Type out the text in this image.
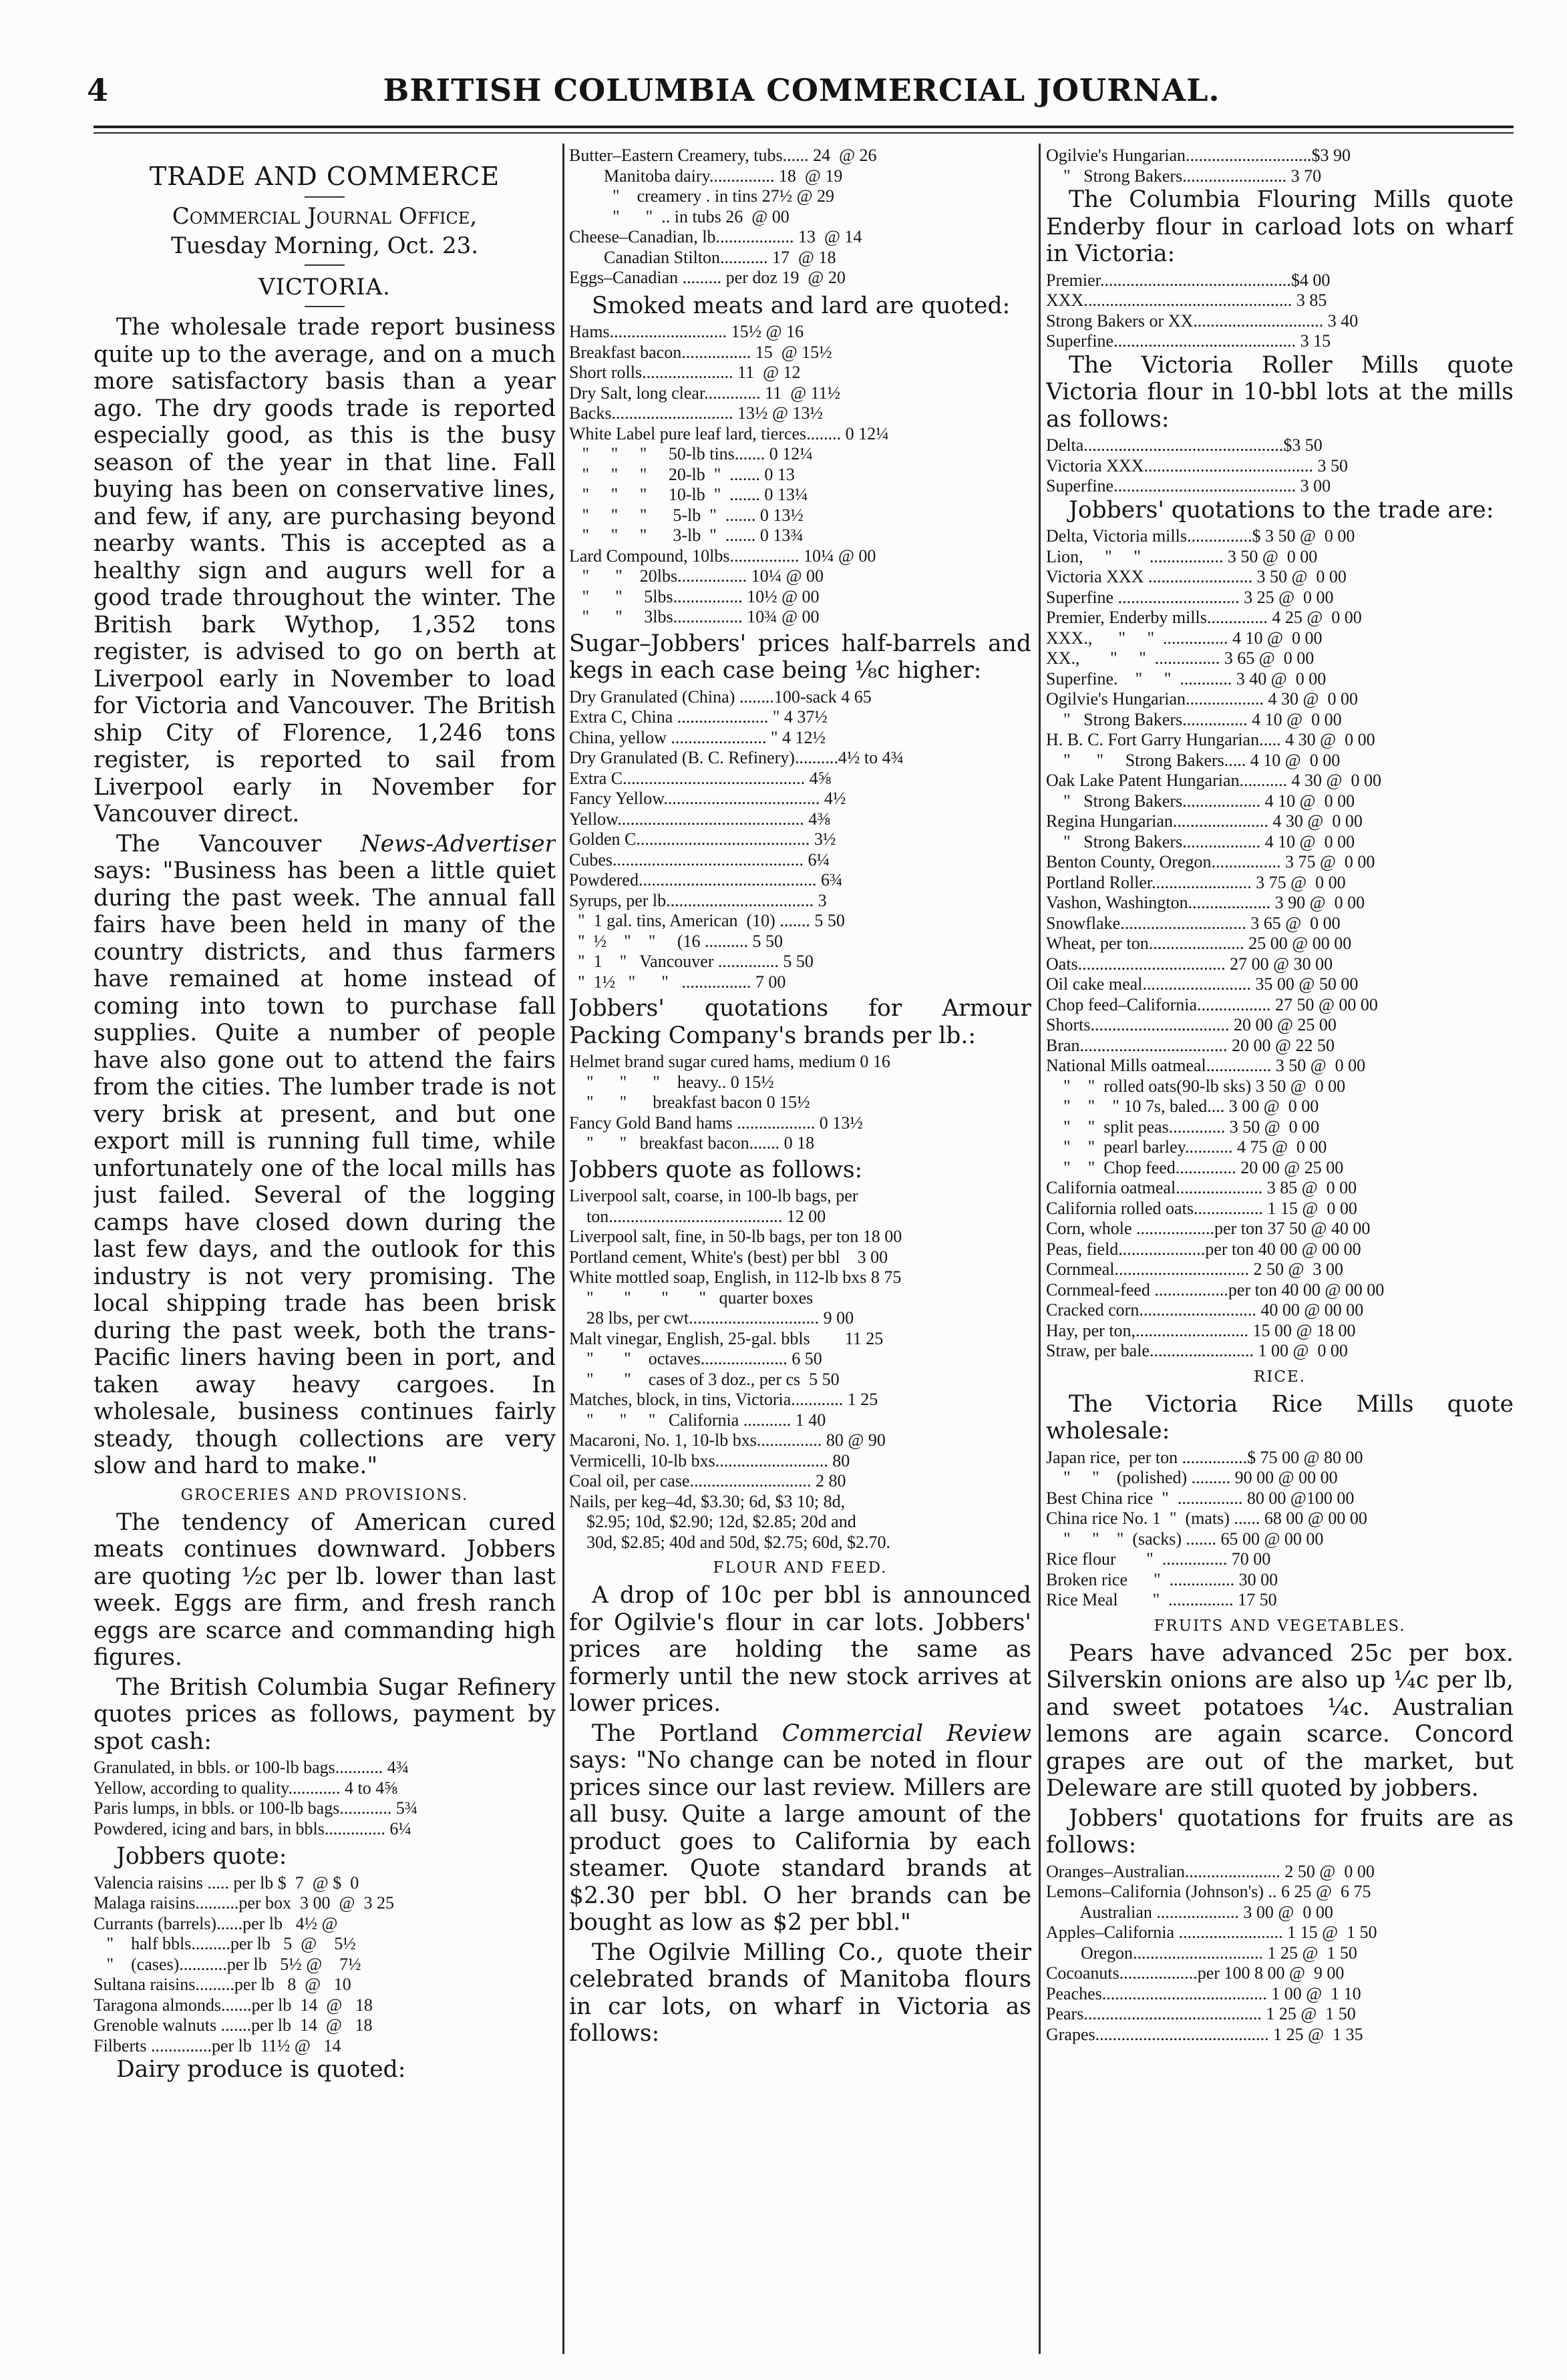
4	BRITISH COLUMBIA COMMERCIAL JOURNAL.
TRADE AND COMMERCE
Commercial Journal Office,
Tuesday Morning, Oct. 23.
VICTORIA.

The wholesale trade report business quite up to the average, and on a much more satisfactory basis than a year ago. The dry goods trade is reported especially good, as this is the busy season of the year in that line. Fall buying has been on conservative lines, and few, if any, are purchasing beyond nearby wants. This is accepted as a healthy sign and augurs well for a good trade throughout the winter. The British bark Wythop, 1,352 tons register, is advised to go on berth at Liverpool early in November to load for Victoria and Vancouver. The British ship City of Florence, 1,246 tons register, is reported to sail from Liverpool early in November for Vancouver direct.

The Vancouver News-Advertiser says: "Business has been a little quiet during the past week. The annual fall fairs have been held in many of the country districts, and thus farmers have remained at home instead of coming into town to purchase fall supplies. Quite a number of people have also gone out to attend the fairs from the cities. The lumber trade is not very brisk at present, and but one export mill is running full time, while unfortunately one of the local mills has just failed. Several of the logging camps have closed down during the last few days, and the outlook for this industry is not very promising. The local shipping trade has been brisk during the past week, both the trans-Pacific liners having been in port, and taken away heavy cargoes. In wholesale, business continues fairly steady, though collections are very slow and hard to make."

GROCERIES AND PROVISIONS.

The tendency of American cured meats continues downward. Jobbers are quoting ½c per lb. lower than last week. Eggs are firm, and fresh ranch eggs are scarce and commanding high figures.

The British Columbia Sugar Refinery quotes prices as follows, payment by spot cash:

Granulated, in bbls. or 100-lb bags........... 4¾
Yellow, according to quality............ 4 to 4⅝
Paris lumps, in bbls. or 100-lb bags............ 5¾
Powdered, icing and bars, in bbls.............. 6¼

Jobbers quote:

Valencia raisins ..... per lb $  7  @ $  0
Malaga raisins..........per box  3 00  @  3 25
Currants (barrels)......per lb   4½ @
"    half bbls.........per lb   5  @    5½
"    (cases)...........per lb   5½ @    7½
Sultana raisins.........per lb   8  @   10
Taragona almonds.......per lb  14  @   18
Grenoble walnuts .......per lb  14  @   18
Filberts ..............per lb  11½ @   14

Dairy produce is quoted:

Butter–Eastern Creamery, tubs...... 24  @ 26
Manitoba dairy............... 18  @ 19
"    creamery . in tins 27½ @ 29
"      "  .. in tubs 26  @ 00
Cheese–Canadian, lb.................. 13  @ 14
Canadian Stilton........... 17  @ 18
Eggs–Canadian ......... per doz 19  @ 20

Smoked meats and lard are quoted:

Hams........................... 15½ @ 16
Breakfast bacon................ 15  @ 15½
Short rolls..................... 11  @ 12
Dry Salt, long clear............. 11  @ 11½
Backs............................ 13½ @ 13½
White Label pure leaf lard, tierces........ 0 12¼
"     "     "     50-lb tins....... 0 12¼
"     "     "     20-lb  "  ....... 0 13
"     "     "     10-lb  "  ....... 0 13¼
"     "     "      5-lb  "  ....... 0 13½
"     "     "      3-lb  "  ....... 0 13¾
Lard Compound, 10lbs................ 10¼ @ 00
"      "    20lbs................ 10¼ @ 00
"      "     5lbs................ 10½ @ 00
"      "     3lbs................ 10¾ @ 00

Sugar–Jobbers' prices half-barrels and kegs in each case being ⅛c higher:

Dry Granulated (China) ........100-sack 4 65
Extra C, China ..................... " 4 37½
China, yellow ...................... " 4 12½
Dry Granulated (B. C. Refinery)..........4½ to 4¾
Extra C.......................................... 4⅝
Fancy Yellow.................................... 4½
Yellow........................................... 4⅜
Golden C........................................ 3½
Cubes............................................ 6¼
Powdered......................................... 6¾
Syrups, per lb.................................. 3
"  1 gal. tins, American  (10) ....... 5 50
"  ½    "    "     (16 .......... 5 50
"  1    "   Vancouver .............. 5 50
"  1½   "      "   ................ 7 00

Jobbers' quotations for Armour Packing Company's brands per lb.:

Helmet brand sugar cured hams, medium 0 16
"      "      "    heavy.. 0 15½
"      "      breakfast bacon 0 15½
Fancy Gold Band hams .................. 0 13½
"      "   breakfast bacon....... 0 18

Jobbers quote as follows:

Liverpool salt, coarse, in 100-lb bags, per
ton........................................ 12 00
Liverpool salt, fine, in 50-lb bags, per ton 18 00
Portland cement, White's (best) per bbl    3 00
White mottled soap, English, in 112-lb bxs 8 75
"       "       "       "   quarter boxes
28 lbs, per cwt.............................. 9 00
Malt vinegar, English, 25-gal. bbls        11 25
"       "    octaves.................... 6 50
"       "    cases of 3 doz., per cs  5 50
Matches, block, in tins, Victoria............ 1 25
"      "     "   California ........... 1 40
Macaroni, No. 1, 10-lb bxs............... 80 @ 90
Vermicelli, 10-lb bxs.......................... 80
Coal oil, per case............................ 2 80
Nails, per keg–4d, $3.30; 6d, $3 10; 8d,
$2.95; 10d, $2.90; 12d, $2.85; 20d and
30d, $2.85; 40d and 50d, $2.75; 60d, $2.70.
FLOUR AND FEED.

A drop of 10c per bbl is announced for Ogilvie's flour in car lots. Jobbers' prices are holding the same as formerly until the new stock arrives at lower prices.

The Portland Commercial Review says: "No change can be noted in flour prices since our last review. Millers are all busy. Quite a large amount of the product goes to California by each steamer. Quote standard brands at $2.30 per bbl. O her brands can be bought as low as $2 per bbl."

The Ogilvie Milling Co., quote their celebrated brands of Manitoba flours in car lots, on wharf in Victoria as follows:

Ogilvie's Hungarian.............................$3 90
"   Strong Bakers........................ 3 70

The Columbia Flouring Mills quote Enderby flour in carload lots on wharf in Victoria:

Premier............................................$4 00
XXX................................................ 3 85
Strong Bakers or XX.............................. 3 40
Superfine.......................................... 3 15

The Victoria Roller Mills quote Victoria flour in 10-bbl lots at the mills as follows:

Delta..............................................$3 50
Victoria XXX....................................... 3 50
Superfine.......................................... 3 00

Jobbers' quotations to the trade are:

Delta, Victoria mills...............$ 3 50 @  0 00
Lion,     "     "  ................. 3 50 @  0 00
Victoria XXX ........................ 3 50 @  0 00
Superfine ............................ 3 25 @  0 00
Premier, Enderby mills.............. 4 25 @  0 00
XXX.,      "     "  ............... 4 10 @  0 00
XX.,       "     "  ............... 3 65 @  0 00
Superfine.    "     "  ............ 3 40 @  0 00
Ogilvie's Hungarian.................. 4 30 @  0 00
"   Strong Bakers............... 4 10 @  0 00
H. B. C. Fort Garry Hungarian..... 4 30 @  0 00
"      "     Strong Bakers..... 4 10 @  0 00
Oak Lake Patent Hungarian........... 4 30 @  0 00
"   Strong Bakers.................. 4 10 @  0 00
Regina Hungarian...................... 4 30 @  0 00
"   Strong Bakers.................. 4 10 @  0 00
Benton County, Oregon................ 3 75 @  0 00
Portland Roller....................... 3 75 @  0 00
Vashon, Washington................... 3 90 @  0 00
Snowflake............................. 3 65 @  0 00
Wheat, per ton...................... 25 00 @ 00 00
Oats.................................. 27 00 @ 30 00
Oil cake meal......................... 35 00 @ 50 00
Chop feed–California................. 27 50 @ 00 00
Shorts................................ 20 00 @ 25 00
Bran.................................. 20 00 @ 22 50
National Mills oatmeal............... 3 50 @  0 00
"    "  rolled oats(90-lb sks) 3 50 @  0 00
"    "    " 10 7s, baled.... 3 00 @  0 00
"    "  split peas............. 3 50 @  0 00
"    "  pearl barley........... 4 75 @  0 00
"    "  Chop feed.............. 20 00 @ 25 00
California oatmeal.................... 3 85 @  0 00
California rolled oats................ 1 15 @  0 00
Corn, whole ..................per ton 37 50 @ 40 00
Peas, field....................per ton 40 00 @ 00 00
Cornmeal............................... 2 50 @  3 00
Cornmeal-feed .................per ton 40 00 @ 00 00
Cracked corn........................... 40 00 @ 00 00
Hay, per ton,.......................... 15 00 @ 18 00
Straw, per bale........................ 1 00 @  0 00
RICE.

The Victoria Rice Mills quote wholesale:

Japan rice,  per ton ...............$ 75 00 @ 80 00
"     "    (polished) ......... 90 00 @ 00 00
Best China rice  "  ............... 80 00 @100 00
China rice No. 1  "  (mats) ...... 68 00 @ 00 00
"     "    "  (sacks) ....... 65 00 @ 00 00
Rice flour       "  ............... 70 00
Broken rice      "  ............... 30 00
Rice Meal        "  ............... 17 50
FRUITS AND VEGETABLES.

Pears have advanced 25c per box. Silverskin onions are also up ¼c per lb, and sweet potatoes ¼c. Australian lemons are again scarce. Concord grapes are out of the market, but Deleware are still quoted by jobbers.

Jobbers' quotations for fruits are as follows:

Oranges–Australian...................... 2 50 @  0 00
Lemons–California (Johnson's) .. 6 25 @  6 75
Australian ................... 3 00 @  0 00
Apples–California ........................ 1 15 @  1 50
Oregon.............................. 1 25 @  1 50
Cocoanuts..................per 100 8 00 @  9 00
Peaches...................................... 1 00 @  1 10
Pears......................................... 1 25 @  1 50
Grapes........................................ 1 25 @  1 35
